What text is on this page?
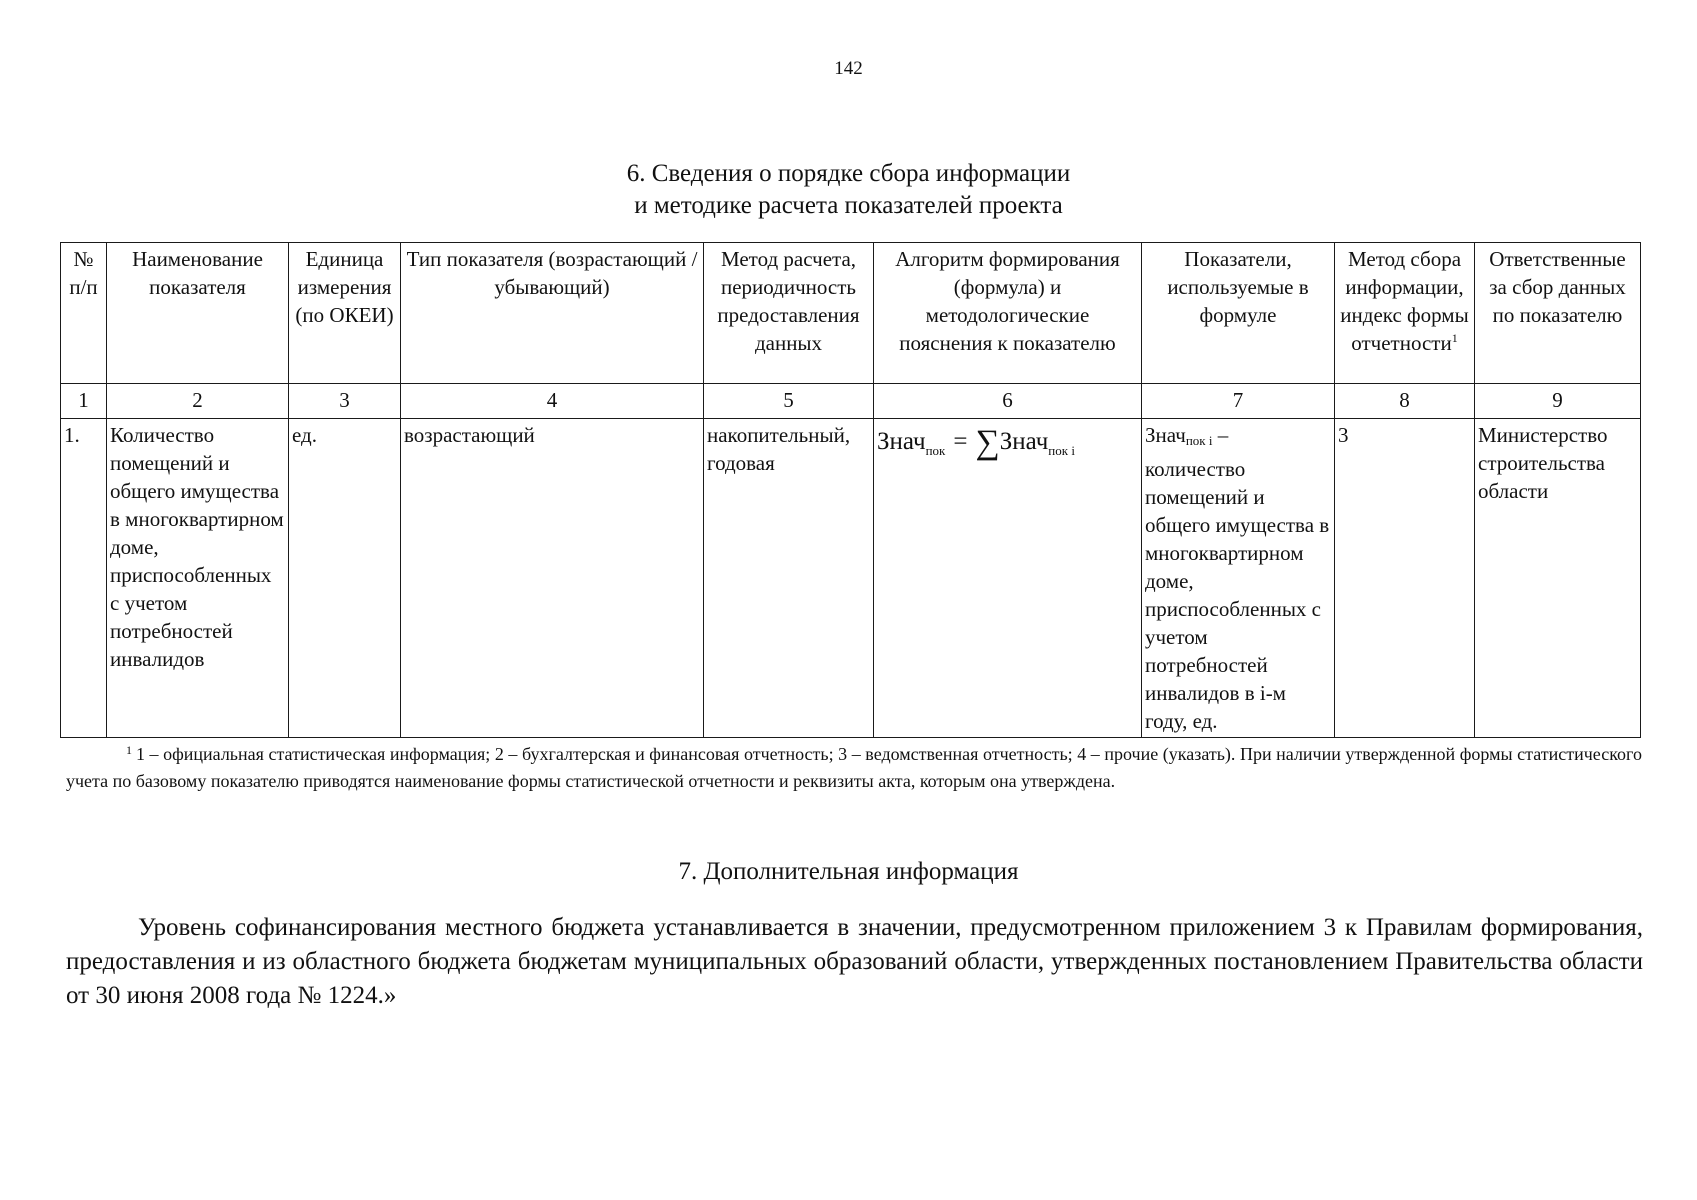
142
6. Сведения о порядке сбора информации
и методике расчета показателей проекта
№ п/п	Наименование показателя	Единица измерения (по ОКЕИ)	Тип показателя (возрастающий / убывающий)	Метод расчета, периодичность предоставления данных	Алгоритм формирования (формула) и методологические пояснения к показателю	Показатели, используемые в формуле	Метод сбора информации, индекс формы отчетности$^1$	Ответственные за сбор данных по показателю
1	2	3	4	5	6	7	8	9
1.	Количество помещений и общего имущества в многоквартирном доме, приспособленных с учетом потребностей инвалидов	ед.	возрастающий	накопительный, годовая	Знач$_{пок}$ = ∑Знач$_{пок i}$	Значпок i – количество помещений и общего имущества в многоквартирном доме, приспособленных с учетом потребностей инвалидов в i-м году, ед.	3	Министерство строительства области
$^1$ 1 – официальная статистическая информация; 2 – бухгалтерская и финансовая отчетность; 3 – ведомственная отчетность; 4 – прочие (указать). При наличии утвержденной формы статистического учета по базовому показателю приводятся наименование формы статистической отчетности и реквизиты акта, которым она утверждена.
7. Дополнительная информация
Уровень софинансирования местного бюджета устанавливается в значении, предусмотренном приложением 3 к Правилам формирования, предоставления и из областного бюджета бюджетам муниципальных образований области, утвержденных постановлением Правительства области от 30 июня 2008 года № 1224.»
